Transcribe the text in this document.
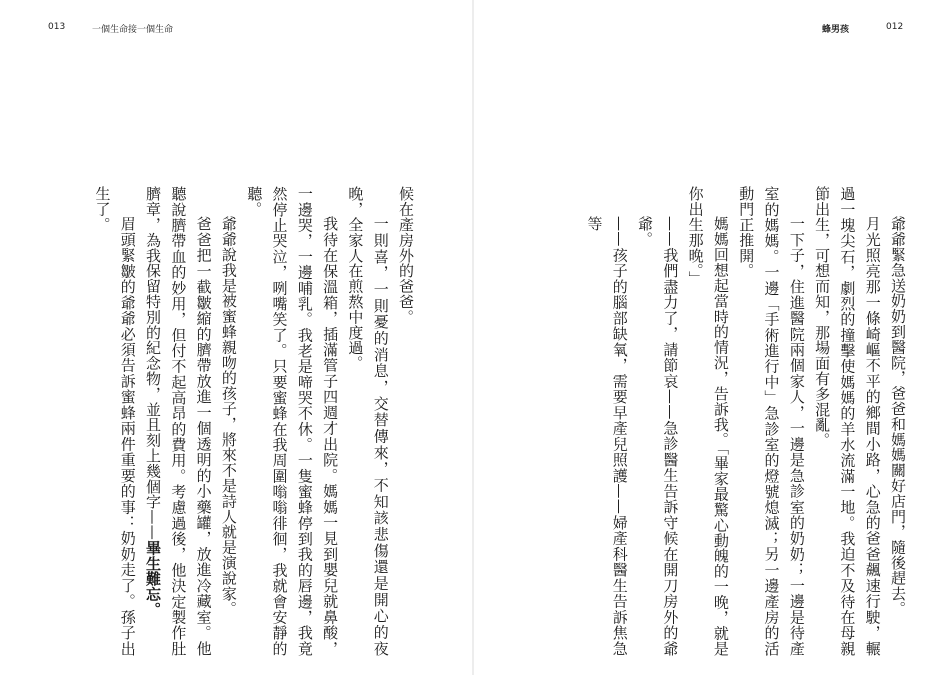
013	一個生命接一個生命

候在產房外的爸爸。

一則喜，一則憂的消息，交替傳來，不知該悲傷還是開心的夜晚，全家人在煎熬中度過。

我待在保溫箱，插滿管子四週才出院。媽媽一見到嬰兒就鼻酸，一邊哭，一邊哺乳。我老是啼哭不休。一隻蜜蜂停到我的唇邊，我竟然停止哭泣，咧嘴笑了。只要蜜蜂在我周圍嗡嗡徘徊，我就會安靜的聽。

爺爺說我是被蜜蜂親吻的孩子，將來不是詩人就是演說家。

爸爸把一截皺縮的臍帶放進一個透明的小藥罐，放進冷藏室。他聽說臍帶血的妙用，但付不起高昂的費用。考慮過後，他決定製作肚臍章，為我保留特別的紀念物，並且刻上幾個字——畢生難忘。

眉頭緊皺的爺爺必須告訴蜜蜂兩件重要的事：奶奶走了。孫子出生了。

蜂男孩	012

爺爺緊急送奶奶到醫院，爸爸和媽媽關好店門，隨後趕去。

月光照亮那一條崎嶇不平的鄉間小路，心急的爸爸飆速行駛，輾過一塊尖石，劇烈的撞擊使媽媽的羊水流滿一地。我迫不及待在母親節出生，可想而知，那場面有多混亂。

一下子，住進醫院兩個家人，一邊是急診室的奶奶；一邊是待產室的媽媽。一邊「手術進行中」急診室的燈號熄滅；另一邊產房的活動門正推開。

媽媽回想起當時的情況，告訴我。「畢家最驚心動魄的一晚，就是你出生那晚。」

——我們盡力了，請節哀——急診醫生告訴守候在開刀房外的爺爺。

——孩子的腦部缺氧，需要早產兒照護——婦產科醫生告訴焦急等
